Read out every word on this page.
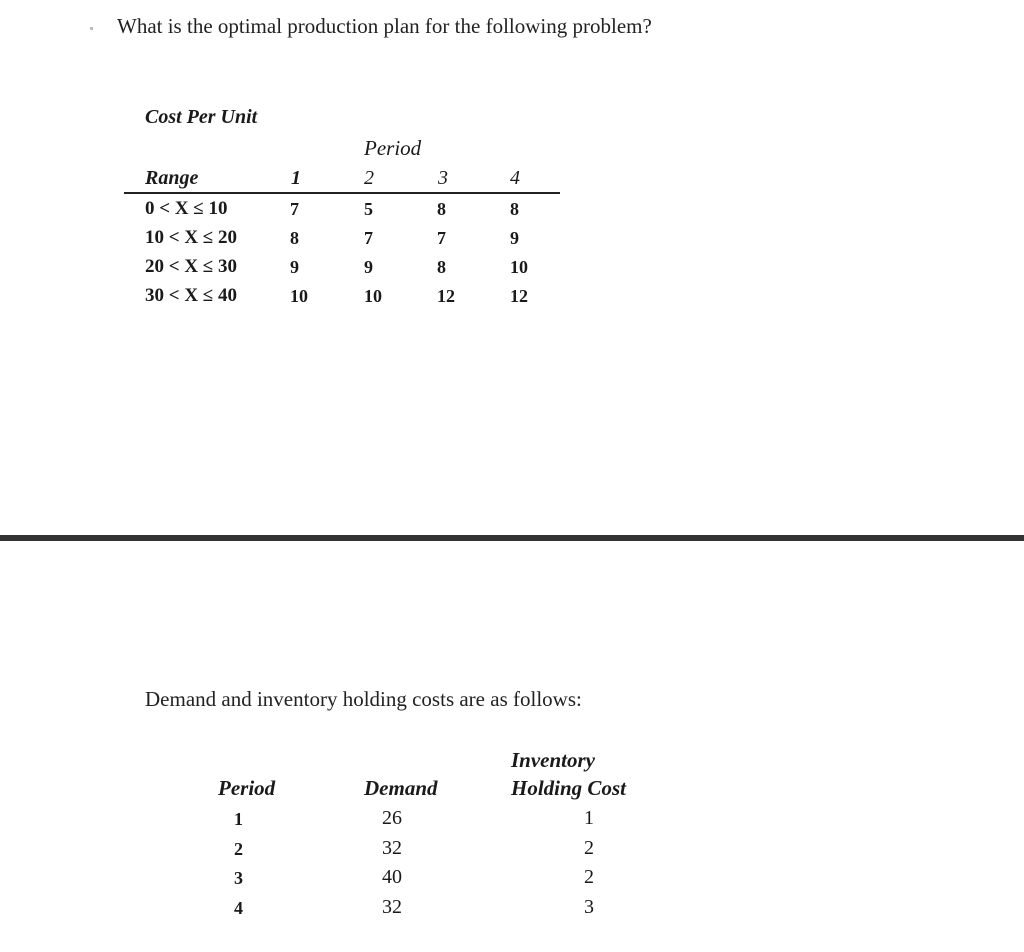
What is the optimal production plan for the following problem?
Cost Per Unit
Period
Range	1	2	3	4
0 < X ≤ 10	7	5	8	8
10 < X ≤ 20	8	7	7	9
20 < X ≤ 30	9	9	8	10
30 < X ≤ 40	10	10	12	12
Demand and inventory holding costs are as follows:
Period	Demand
Inventory
Holding Cost
1	26	1
2	32	2
3	40	2
4	32	3
